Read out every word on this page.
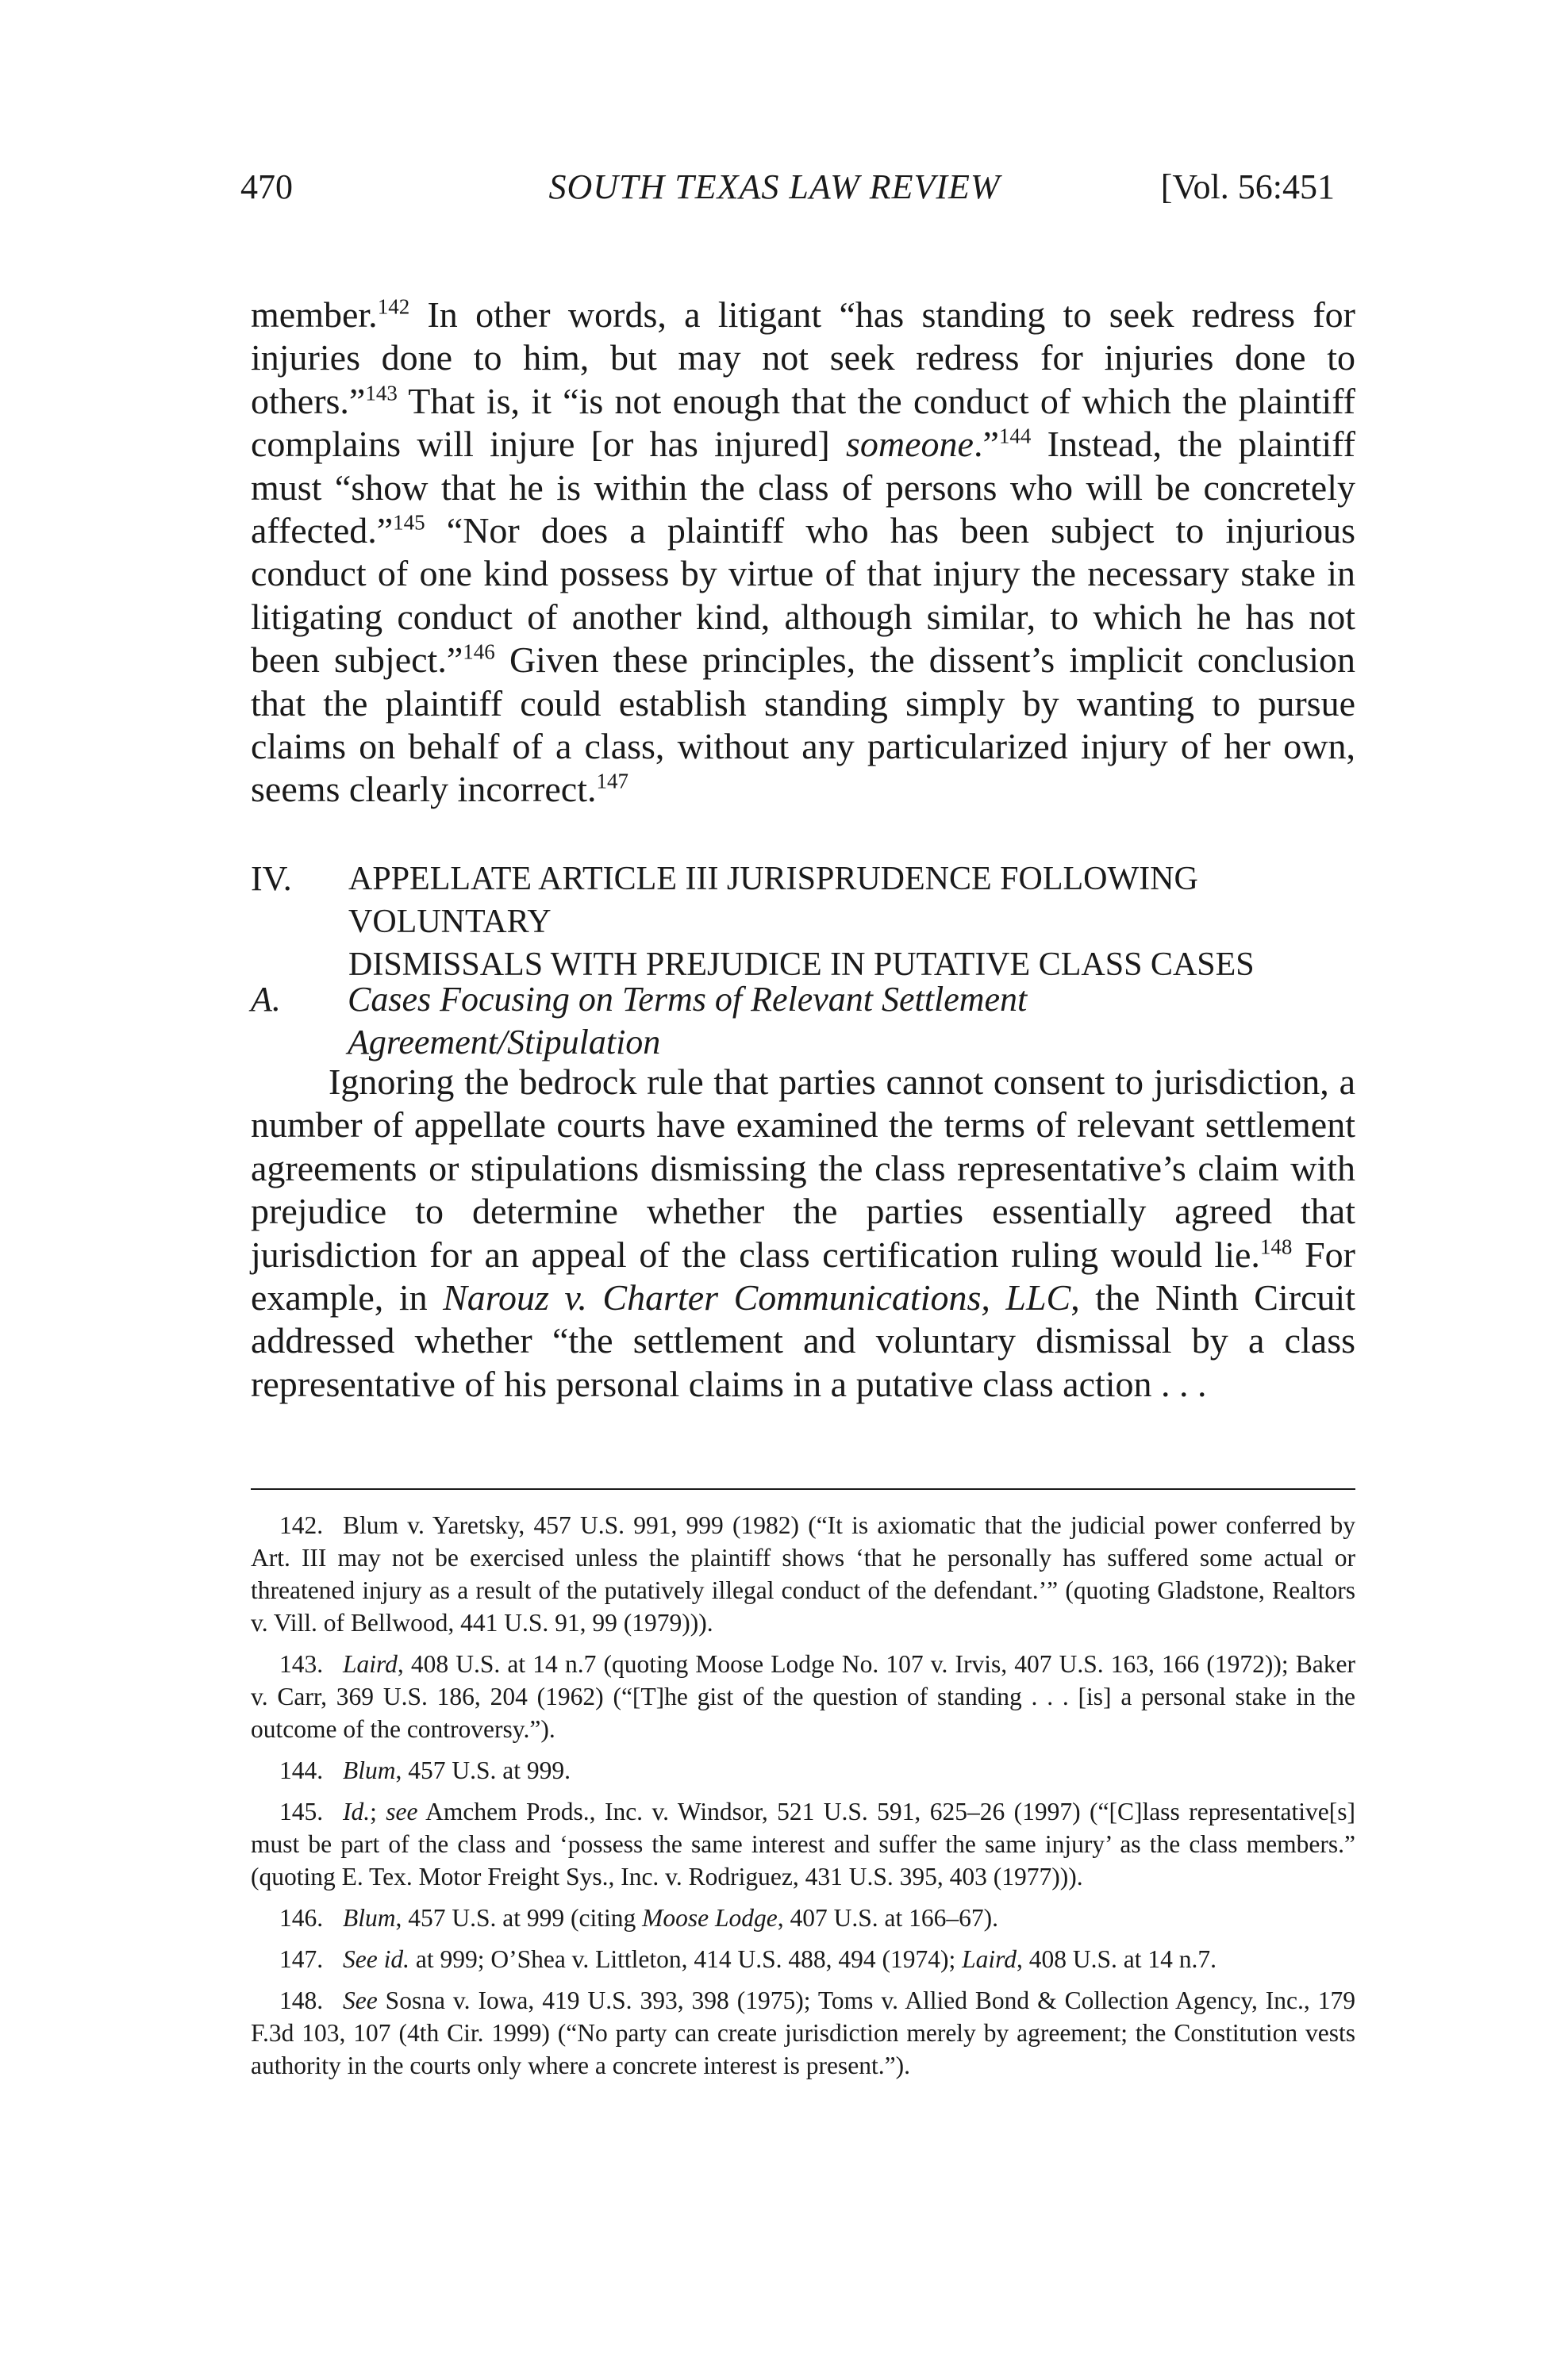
470	SOUTH TEXAS LAW REVIEW	[Vol. 56:451
member.$^{142}$ In other words, a litigant “has standing to seek redress for injuries done to him, but may not seek redress for injuries done to others.”$^{143}$ That is, it “is not enough that the conduct of which the plaintiff complains will injure [or has injured] someone.”$^{144}$ Instead, the plaintiff must “show that he is within the class of persons who will be concretely affected.”$^{145}$ “Nor does a plaintiff who has been subject to injurious conduct of one kind possess by virtue of that injury the necessary stake in litigating conduct of another kind, although similar, to which he has not been subject.”$^{146}$ Given these principles, the dissent’s implicit conclusion that the plaintiff could establish standing simply by wanting to pursue claims on behalf of a class, without any particularized injury of her own, seems clearly incorrect.$^{147}$
IV. APPELLATE ARTICLE III JURISPRUDENCE FOLLOWING VOLUNTARY
DISMISSALS WITH PREJUDICE IN PUTATIVE CLASS CASES
A. Cases Focusing on Terms of Relevant Settlement
Agreement/Stipulation
Ignoring the bedrock rule that parties cannot consent to jurisdiction, a number of appellate courts have examined the terms of relevant settlement agreements or stipulations dismissing the class representative’s claim with prejudice to determine whether the parties essentially agreed that jurisdiction for an appeal of the class certification ruling would lie.$^{148}$ For example, in Narouz v. Charter Communications, LLC, the Ninth Circuit addressed whether “the settlement and voluntary dismissal by a class representative of his personal claims in a putative class action . . .
142. Blum v. Yaretsky, 457 U.S. 991, 999 (1982) (“It is axiomatic that the judicial power conferred by Art. III may not be exercised unless the plaintiff shows ‘that he personally has suffered some actual or threatened injury as a result of the putatively illegal conduct of the defendant.’” (quoting Gladstone, Realtors v. Vill. of Bellwood, 441 U.S. 91, 99 (1979))).
143. Laird, 408 U.S. at 14 n.7 (quoting Moose Lodge No. 107 v. Irvis, 407 U.S. 163, 166 (1972)); Baker v. Carr, 369 U.S. 186, 204 (1962) (“[T]he gist of the question of standing . . . [is] a personal stake in the outcome of the controversy.”).
144. Blum, 457 U.S. at 999.
145. Id.; see Amchem Prods., Inc. v. Windsor, 521 U.S. 591, 625–26 (1997) (“[C]lass representative[s] must be part of the class and ‘possess the same interest and suffer the same injury’ as the class members.” (quoting E. Tex. Motor Freight Sys., Inc. v. Rodriguez, 431 U.S. 395, 403 (1977))).
146. Blum, 457 U.S. at 999 (citing Moose Lodge, 407 U.S. at 166–67).
147. See id. at 999; O’Shea v. Littleton, 414 U.S. 488, 494 (1974); Laird, 408 U.S. at 14 n.7.
148. See Sosna v. Iowa, 419 U.S. 393, 398 (1975); Toms v. Allied Bond & Collection Agency, Inc., 179 F.3d 103, 107 (4th Cir. 1999) (“No party can create jurisdiction merely by agreement; the Constitution vests authority in the courts only where a concrete interest is present.”).
